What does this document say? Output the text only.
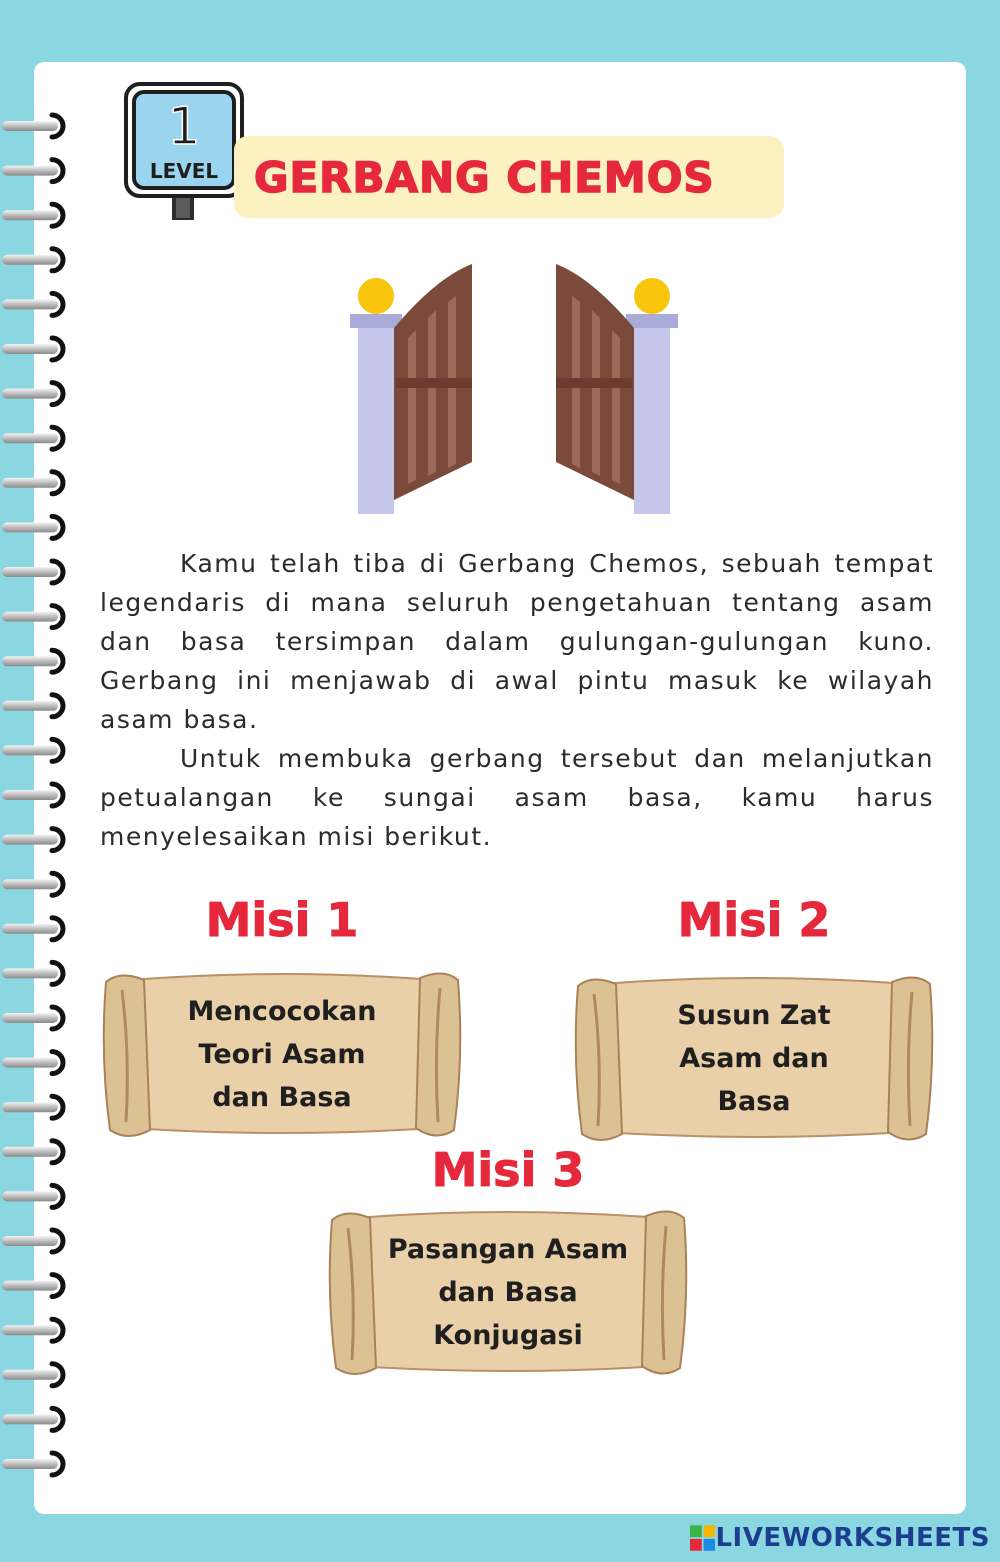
1
LEVEL GERBANG CHEMOS

Kamu telah tiba di Gerbang Chemos, sebuah tempat legendaris di mana seluruh pengetahuan tentang asam dan basa tersimpan dalam gulungan-gulungan kuno. Gerbang ini menjawab di awal pintu masuk ke wilayah asam basa.

Untuk membuka gerbang tersebut dan melanjutkan petualangan ke sungai asam basa, kamu harus menyelesaikan misi berikut.

Misi 1	Misi 2
Misi 3
Mencocokan
Teori Asam
dan Basa
Susun Zat
Asam dan
Basa
Pasangan Asam
dan Basa
Konjugasi
LIVEWORKSHEETS
